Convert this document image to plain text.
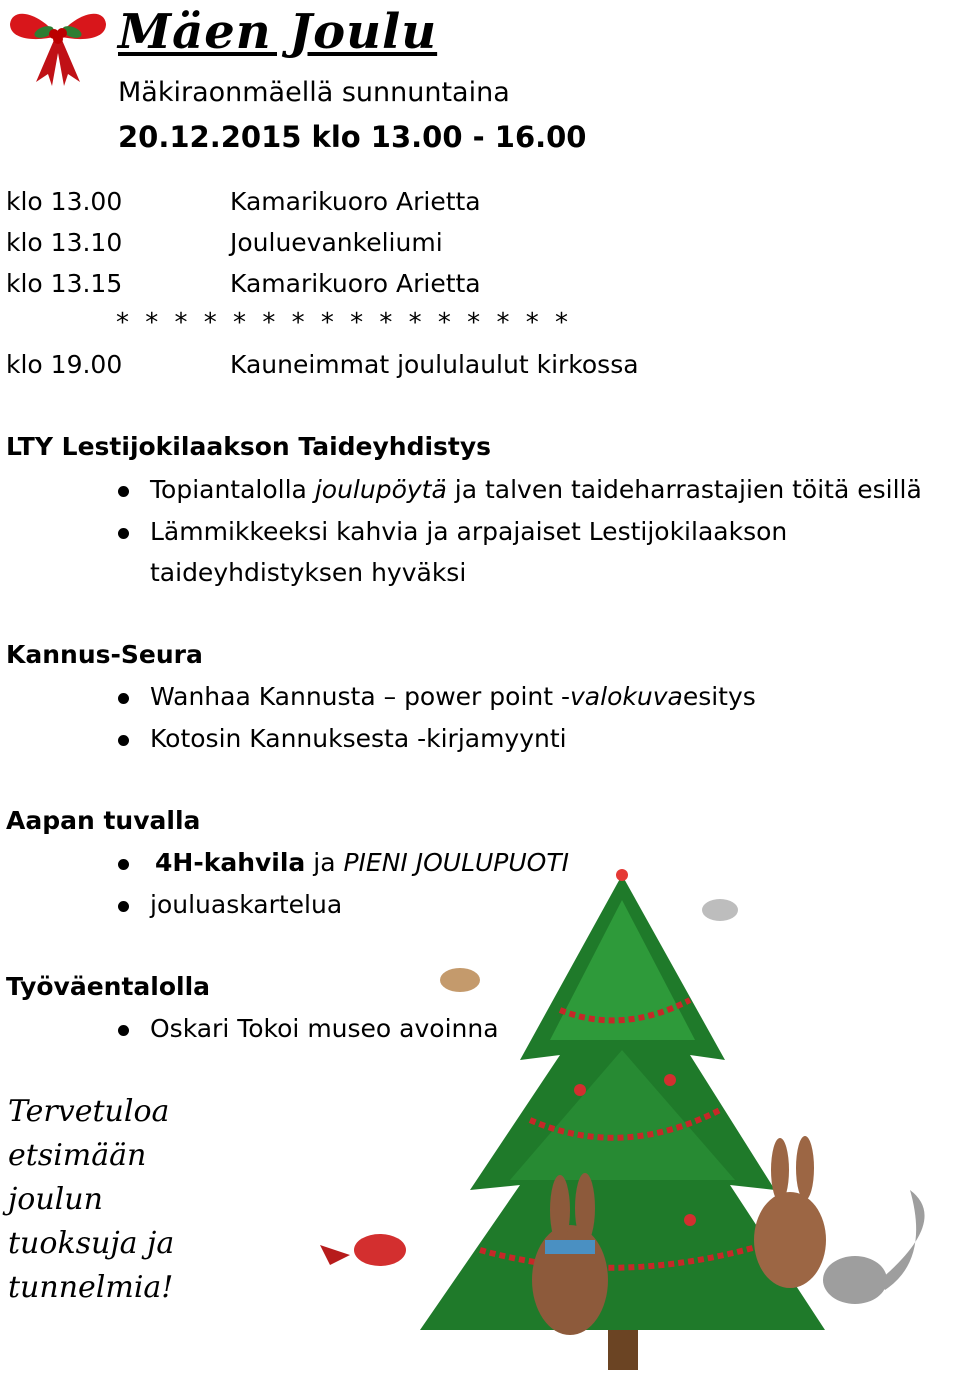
Mäen Joulu
Mäkiraonmäellä sunnuntaina
20.12.2015 klo 13.00 - 16.00
klo 13.00	Kamarikuoro Arietta
klo 13.10	Jouluevankeliumi
klo 13.15	Kamarikuoro Arietta
* * * * * * * * * * * * * * * *
klo 19.00	Kauneimmat joululaulut kirkossa
LTY Lestijokilaakson Taideyhdistys
Topiantalolla joulupöytä ja talven taideharrastajien töitä esillä
Lämmikkeeksi kahvia ja arpajaiset Lestijokilaakson
taideyhdistyksen hyväksi
Kannus-Seura
Wanhaa Kannusta – power point -valokuvaesitys
Kotosin Kannuksesta -kirjamyynti
Aapan tuvalla
4H-kahvila ja PIENI JOULUPUOTI
jouluaskartelua
Työväentalolla
Oskari Tokoi museo avoinna
Tervetuloa
etsimään
joulun
tuoksuja ja
tunnelmia!
